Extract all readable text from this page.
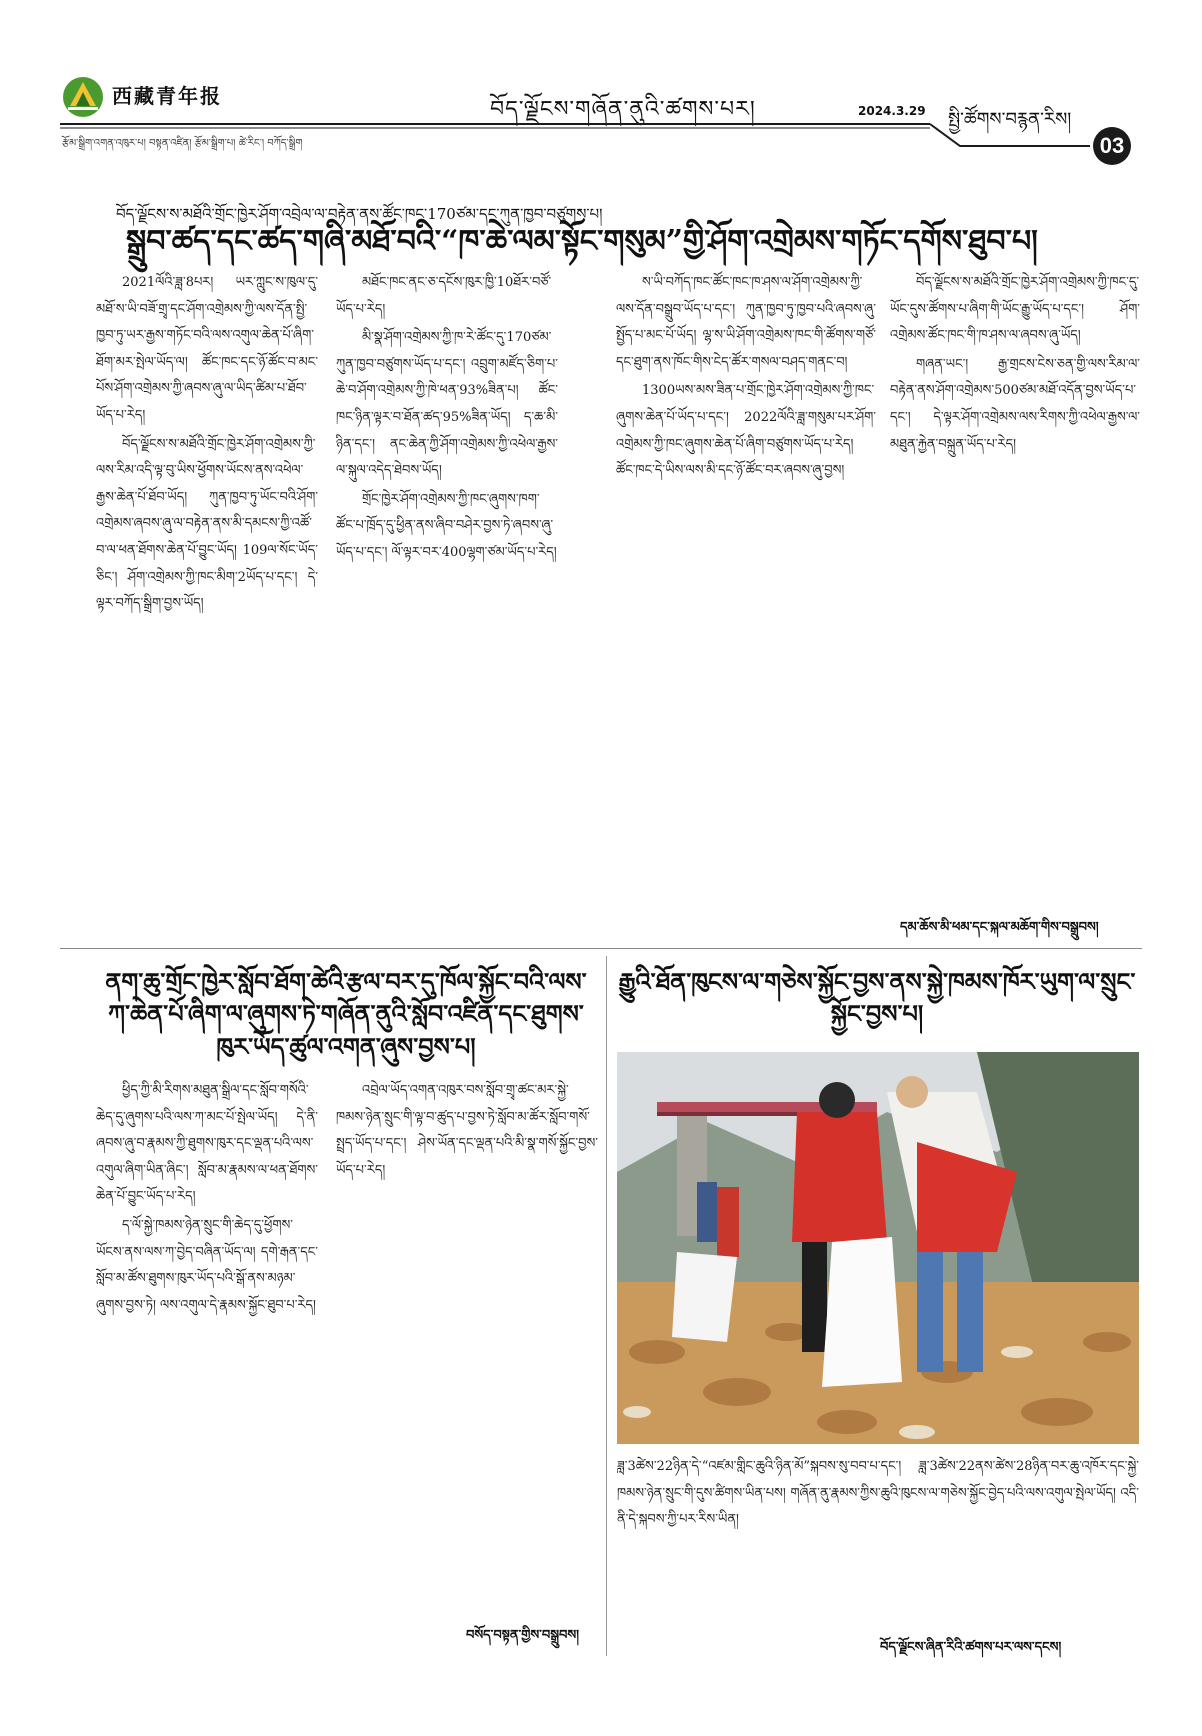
西藏青年报
བོད་ལྗོངས་གཞོན་ནུའི་ཚགས་པར།	2024.3.29 སྤྱི་ཚོགས་བརྙན་རིས།
03
རྩོམ་སྒྲིག་འགན་འཁུར་པ། བསྟན་འཛིན། རྩོམ་སྒྲིག་པ། ཚེ་རིང་། བཀོད་སྒྲིག
བོད་ལྗོངས་ས་མཐོའི་གྲོང་ཁྱེར་ཤོག་འབྲེལ་ལ་བརྟེན་ནས་ཚོང་ཁང་170ཙམ་དང་ཀུན་ཁྱབ་བཙུགས་པ།
སྒྲུབ་ཚད་དང་ཚད་གཞི་མཐོ་བའི་“ཁ་ཆེ་ལམ་སྟོང་གསུམ”གྱི་ཤོག་འགྲེམས་གཏོང་དགོས་ཐུབ་པ།

2021ལོའི་ཟླ་8པར། ཡར་ཀླུང་ས་ཁུལ་དུ་མཐོ་ས་ཡི་བཟོ་གྲྭ་དང་ཤོག་འགྲེམས་ཀྱི་ལས་དོན་སྤྱི་ཁྱབ་ཏུ་ཡར་རྒྱས་གཏོང་བའི་ལས་འགུལ་ཆེན་པོ་ཞིག་ཐོག་མར་སྤེལ་ཡོད་ལ། ཚོང་ཁང་དང་ཉོ་ཚོང་བ་མང་པོས་ཤོག་འགྲེམས་ཀྱི་ཞབས་ཞུ་ལ་ཡིད་ཚིམ་པ་ཐོབ་ཡོད་པ་རེད།

བོད་ལྗོངས་ས་མཐོའི་གྲོང་ཁྱེར་ཤོག་འགྲེམས་ཀྱི་ལས་རིམ་འདི་ལྟ་བུ་ཡིས་ཕྱོགས་ཡོངས་ནས་འཕེལ་རྒྱས་ཆེན་པོ་ཐོབ་ཡོད། ཀུན་ཁྱབ་ཏུ་ཡོང་བའི་ཤོག་འགྲེམས་ཞབས་ཞུ་ལ་བརྟེན་ནས་མི་དམངས་ཀྱི་འཚོ་བ་ལ་ཕན་ཐོགས་ཆེན་པོ་བྱུང་ཡོད། 109ལ་སོང་ཡོད་ཅིང་། ཤོག་འགྲེམས་ཀྱི་ཁང་མིག་2ཡོད་པ་དང་། དེ་ལྟར་བཀོད་སྒྲིག་བྱས་ཡོད།

མཐོང་ཁང་ནང་ཅ་དངོས་ཁུར་ཁྱི་10ཐོར་བཙོ་ཡོད་པ་རེད།

མི་སྣ་ཤོག་འགྲེམས་ཀྱི་ཁ་རེ་ཚོང་དུ་170ཙམ་ཀུན་ཁྱབ་བཙུགས་ཡོད་པ་དང་། འབྲུག་མཛོད་ཅིག་པ་ཆེ་བ་ཤོག་འགྲེམས་ཀྱི་ཁེ་ཕན་93%ཟིན་པ། ཚོང་ཁང་ཉིན་ལྟར་བ་ཐོན་ཚད་95%ཟིན་ཡོད། ད་ཆ་མི་ཉིན་དང་། ནང་ཆེན་ཀྱི་ཤོག་འགྲེམས་ཀྱི་འཕེལ་རྒྱས་ལ་སྐུལ་འདེད་ཐེབས་ཡོད།

གྲོང་ཁྱེར་ཤོག་འགྲེམས་ཀྱི་ཁང་ཞུགས་ཁག་ཚོང་པ་ཁྲོད་དུ་ཕྱིན་ནས་ཞིབ་བཤེར་བྱས་ཏེ་ཞབས་ཞུ་ཡོད་པ་དང་། ལོ་ལྟར་བར་400ལྷག་ཙམ་ཡོད་པ་རེད།

ས་ཡི་བཀོད་ཁང་ཚོང་ཁང་ཁ་ཤས་ལ་ཤོག་འགྲེམས་ཀྱི་ལས་དོན་བསྒྲུབ་ཡོད་པ་དང་། ཀུན་ཁྱབ་ཏུ་ཁྱབ་པའི་ཞབས་ཞུ་སྤྱོད་པ་མང་པོ་ཡོད། ལྷ་ས་ཡི་ཤོག་འགྲེམས་ཁང་གི་ཚོགས་གཙོ་དང་ཐུག་ནས་ཁོང་གིས་ངེད་ཚོར་གསལ་བཤད་གནང་བ།

1300ཡས་མས་ཟིན་པ་གྲོང་ཁྱེར་ཤོག་འགྲེམས་ཀྱི་ཁང་ཞུགས་ཆེན་པོ་ཡོད་པ་དང་། 2022ལོའི་ཟླ་གསུམ་པར་ཤོག་འགྲེམས་ཀྱི་ཁང་ཞུགས་ཆེན་པོ་ཞིག་བཙུགས་ཡོད་པ་རེད། ཚོང་ཁང་དེ་ཡིས་ལས་མི་དང་ཉོ་ཚོང་བར་ཞབས་ཞུ་བྱས།

བོད་ལྗོངས་ས་མཐོའི་གྲོང་ཁྱེར་ཤོག་འགྲེམས་ཀྱི་ཁང་དུ་ཡོང་དུས་ཚོགས་པ་ཞིག་གི་ཡོང་རྒྱུ་ཡོད་པ་དང་། ཤོག་འགྲེམས་ཚོང་ཁང་གི་ཁ་ཤས་ལ་ཞབས་ཞུ་ཡོད།

གཞན་ཡང་། རྒྱ་གྲངས་ངེས་ཅན་གྱི་ལས་རིམ་ལ་བརྟེན་ནས་ཤོག་འགྲེམས་500ཙམ་མཐོ་འདོན་བྱས་ཡོད་པ་དང་། དེ་ལྟར་ཤོག་འགྲེམས་ལས་རིགས་ཀྱི་འཕེལ་རྒྱས་ལ་མཐུན་རྐྱེན་བསྐྲུན་ཡོད་པ་རེད།

དམ་ཆོས་མི་ཕམ་དང་སྐལ་མཆོག་གིས་བསྒྲུབས།
ནག་ཆུ་གྲོང་ཁྱེར་སློབ་ཐོག་ཚེའི་རྩལ་བར་དུ་ཁོལ་སྐྱོང་བའི་ལས་ཀ་ཆེན་པོ་ཞིག་ལ་ཞུགས་ཏེ་གཞོན་ནུའི་སློབ་འཛིན་དང་ཐུགས་ཁུར་ཡོད་ཚུལ་འགན་ཞུས་བྱས་པ།

ཕྱིད་ཀྱི་མི་རིགས་མཐུན་སྒྲིལ་དང་སློབ་གསོའི་ཆེད་དུ་ཞུགས་པའི་ལས་ཀ་མང་པོ་སྤེལ་ཡོད། དེ་ནི་ཞབས་ཞུ་བ་རྣམས་ཀྱི་ཐུགས་ཁུར་དང་ལྡན་པའི་ལས་འགུལ་ཞིག་ཡིན་ཞིང་། སློབ་མ་རྣམས་ལ་ཕན་ཐོགས་ཆེན་པོ་བྱུང་ཡོད་པ་རེད།

ད་ལོ་སྐྱེ་ཁམས་ཉེན་སྲུང་གི་ཆེད་དུ་ཕྱོགས་ཡོངས་ནས་ལས་ཀ་བྱེད་བཞིན་ཡོད་ལ། དགེ་རྒན་དང་སློབ་མ་ཚོས་ཐུགས་ཁུར་ཡོད་པའི་སྒོ་ནས་མཉམ་ཞུགས་བྱས་ཏེ། ལས་འགུལ་དེ་རྣམས་སྐྱོང་ཐུབ་པ་རེད།

འབྲེལ་ཡོད་འགན་འཁུར་བས་སློབ་གྲྭ་ཚང་མར་སྐྱེ་ཁམས་ཉེན་སྲུང་གི་ལྟ་བ་ཚུད་པ་བྱས་ཏེ་སློབ་མ་ཚོར་སློབ་གསོ་སྤྲད་ཡོད་པ་དང་། ཤེས་ཡོན་དང་ལྡན་པའི་མི་སྣ་གསོ་སྐྱོང་བྱས་ཡོད་པ་རེད།

བསོད་བསྟན་གྱིས་བསྒྲུབས།
རྒྱུའི་ཐོན་ཁུངས་ལ་གཅེས་སྐྱོང་བྱས་ནས་སྐྱེ་ཁམས་ཁོར་ཡུག་ལ་སྲུང་སྐྱོང་བྱས་པ།

ཟླ་3ཚེས་22ཉིན་དེ་“འཛམ་གླིང་ཆུའི་ཉིན་མོ”སྐབས་སུ་བབ་པ་དང་། ཟླ་3ཚེས་22ནས་ཚེས་28ཉིན་བར་ཆུ་འཁོར་དང་སྐྱེ་ཁམས་ཉེན་སྲུང་གི་དུས་ཚིགས་ཡིན་པས། གཞོན་ནུ་རྣམས་ཀྱིས་ཆུའི་ཁུངས་ལ་གཅེས་སྐྱོང་བྱེད་པའི་ལས་འགུལ་སྤེལ་ཡོད། འདི་ནི་དེ་སྐབས་ཀྱི་པར་རིས་ཡིན།

བོད་ལྗོངས་ཞིན་རིའི་ཚགས་པར་ལས་དངས།
